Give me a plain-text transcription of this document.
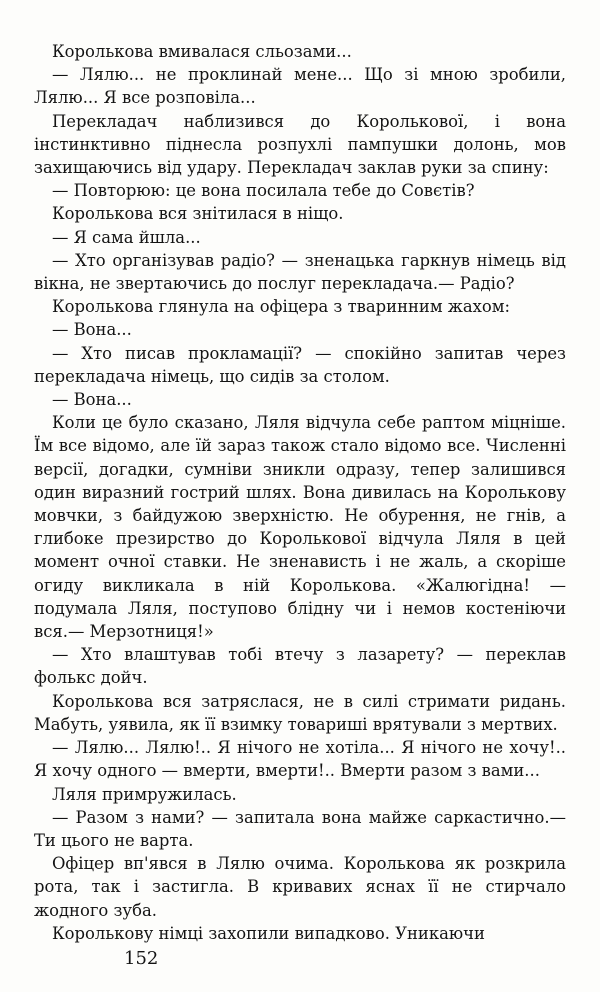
Королькова вмивалася сльозами...

— Лялю... не проклинай мене... Що зі мною зробили, Лялю... Я все розповіла...

Перекладач наблизився до Королькової, і вона інстинктивно піднесла розпухлі пампушки долонь, мов захищаючись від удару. Перекладач заклав руки за спину:

— Повторюю: це вона посилала тебе до Совєтів?

Королькова вся знітилася в ніщо.

— Я сама йшла...

— Хто організував радіо? — зненацька гаркнув німець від вікна, не звертаючись до послуг перекладача.— Радіо?

Королькова глянула на офіцера з тваринним жахом:

— Вона...

— Хто писав прокламації? — спокійно запитав через перекладача німець, що сидів за столом.

— Вона...

Коли це було сказано, Ляля відчула себе раптом міцніше. Їм все відомо, але їй зараз також стало відомо все. Численні версії, догадки, сумніви зникли одразу, тепер залишився один виразний гострий шлях. Вона дивилась на Королькову мовчки, з байдужою зверхністю. Не обурення, не гнів, а глибоке презирство до Королькової відчула Ляля в цей момент очної ставки. Не зненависть і не жаль, а скоріше огиду викликала в ній Королькова. «Жалюгідна! — подумала Ляля, поступово блідну чи і немов костеніючи вся.— Мерзотниця!»

— Хто влаштував тобі втечу з лазарету? — переклав фолькс дойч.

Королькова вся затряслася, не в силі стримати ридань. Мабуть, уявила, як її взимку товариші врятували з мертвих.

— Лялю... Лялю!.. Я нічого не хотіла... Я нічого не хочу!.. Я хочу одного — вмерти, вмерти!.. Вмерти разом з вами...

Ляля примружилась.

— Разом з нами? — запитала вона майже саркастично.— Ти цього не варта.

Офіцер вп'явся в Лялю очима. Королькова як розкрила рота, так і застигла. В кривавих яснах її не стирчало жодного зуба.

Королькову німці захопили випадково. Уникаючи

152
